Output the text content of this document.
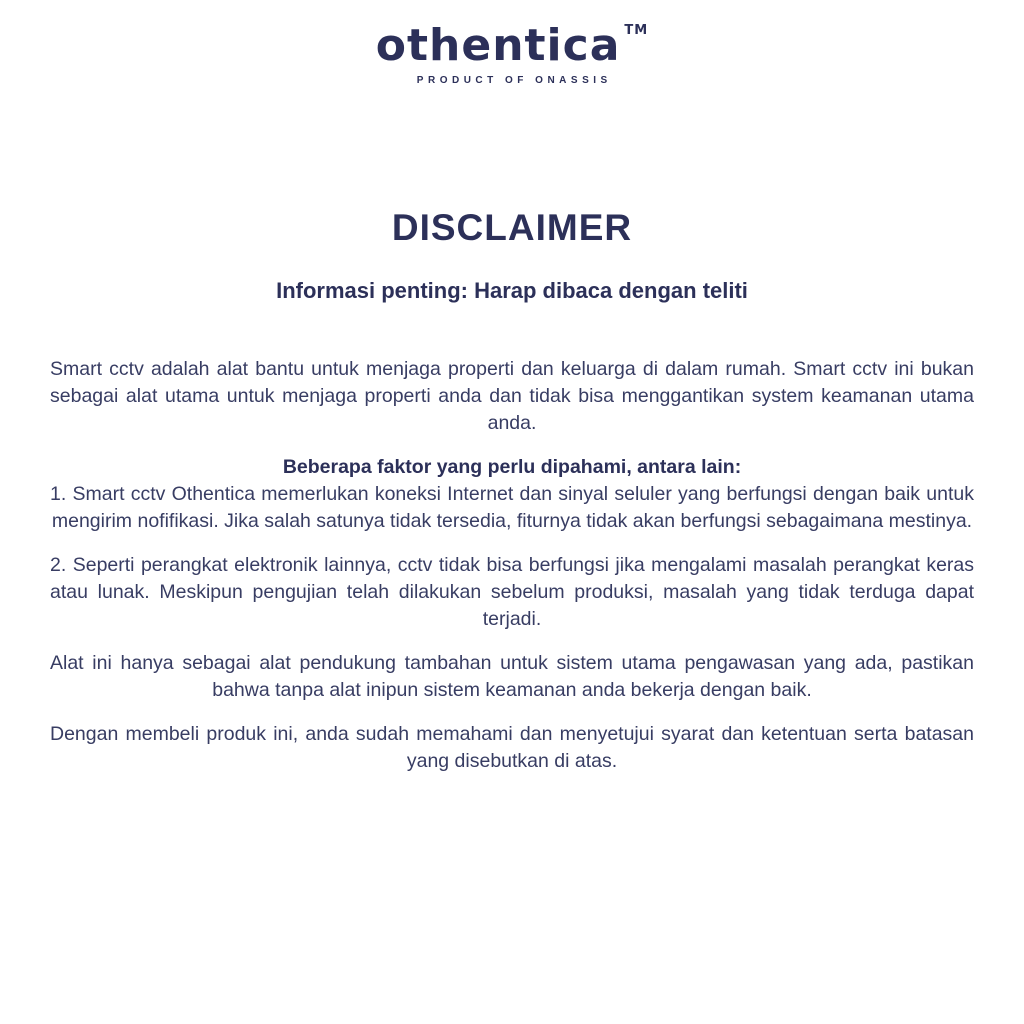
othentica ™
PRODUCT OF ONASSIS
DISCLAIMER
Informasi penting: Harap dibaca dengan teliti

Smart cctv adalah alat bantu untuk menjaga properti dan keluarga di dalam rumah. Smart cctv ini bukan sebagai alat utama untuk menjaga properti anda dan tidak bisa menggantikan system keamanan utama anda.

Beberapa faktor yang perlu dipahami, antara lain:

1. Smart cctv Othentica memerlukan koneksi Internet dan sinyal seluler yang berfungsi dengan baik untuk mengirim nofifikasi. Jika salah satunya tidak tersedia, fiturnya tidak akan berfungsi sebagaimana mestinya.

2. Seperti perangkat elektronik lainnya, cctv tidak bisa berfungsi jika mengalami masalah perangkat keras atau lunak. Meskipun pengujian telah dilakukan sebelum produksi, masalah yang tidak terduga dapat terjadi.

Alat ini hanya sebagai alat pendukung tambahan untuk sistem utama pengawasan yang ada, pastikan bahwa tanpa alat inipun sistem keamanan anda bekerja dengan baik.

Dengan membeli produk ini, anda sudah memahami dan menyetujui syarat dan ketentuan serta batasan yang disebutkan di atas.
